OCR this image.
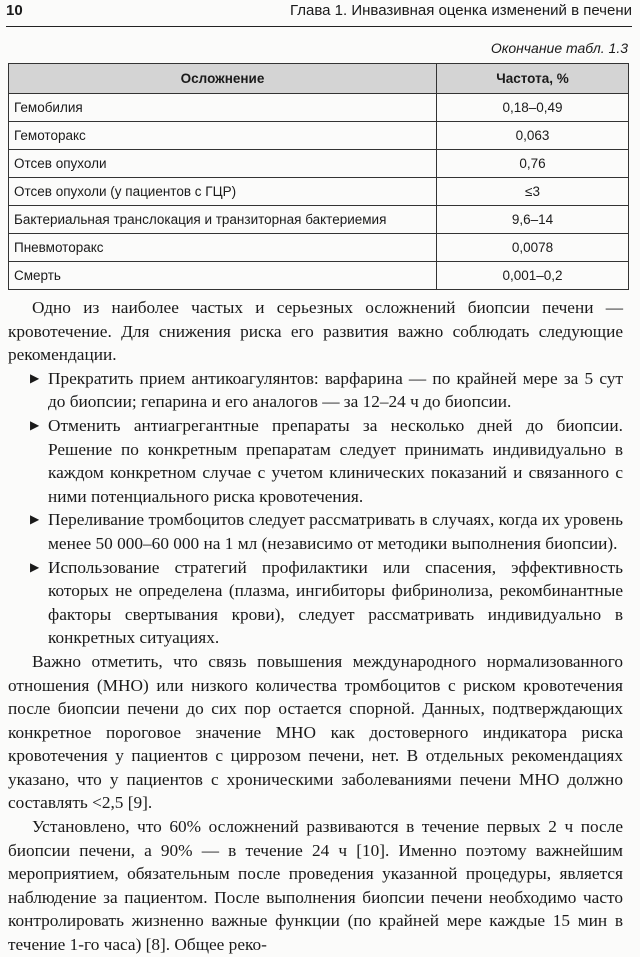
10	Глава 1. Инвазивная оценка изменений в печени
Окончание табл. 1.3
Осложнение	Частота, %
Гемобилия	0,18–0,49
Гемоторакс	0,063
Отсев опухоли	0,76
Отсев опухоли (у пациентов с ГЦР)	≤3
Бактериальная транслокация и транзиторная бактериемия	9,6–14
Пневмоторакс	0,0078
Смерть	0,001–0,2

Одно из наиболее частых и серьезных осложнений биопсии печени — кровотечение. Для снижения риска его развития важно соблюдать следующие рекомендации.

▶ Прекратить прием антикоагулянтов: варфарина — по крайней мере за 5 сут до биопсии; гепарина и его аналогов — за 12–24 ч до биопсии.
▶ Отменить антиагрегантные препараты за несколько дней до биопсии. Решение по конкретным препаратам следует принимать индивидуально в каждом конкретном случае с учетом клинических показаний и связанного с ними потенциального риска кровотечения.
▶ Переливание тромбоцитов следует рассматривать в случаях, когда их уровень менее 50 000–60 000 на 1 мл (независимо от методики выполнения биопсии).
▶ Использование стратегий профилактики или спасения, эффективность которых не определена (плазма, ингибиторы фибринолиза, рекомбинантные факторы свертывания крови), следует рассматривать индивидуально в конкретных ситуациях.

Важно отметить, что связь повышения международного нормализованного отношения (МНО) или низкого количества тромбоцитов с риском кровотечения после биопсии печени до сих пор остается спорной. Данных, подтверждающих конкретное пороговое значение МНО как достоверного индикатора риска кровотечения у пациентов с циррозом печени, нет. В отдельных рекомендациях указано, что у пациентов с хроническими заболеваниями печени МНО должно составлять <2,5 [9].

Установлено, что 60% осложнений развиваются в течение первых 2 ч после биопсии печени, а 90% — в течение 24 ч [10]. Именно поэтому важнейшим мероприятием, обязательным после проведения указанной процедуры, является наблюдение за пациентом. После выполнения биопсии печени необходимо часто контролировать жизненно важные функции (по крайней мере каждые 15 мин в течение 1-го часа) [8]. Общее реко-
